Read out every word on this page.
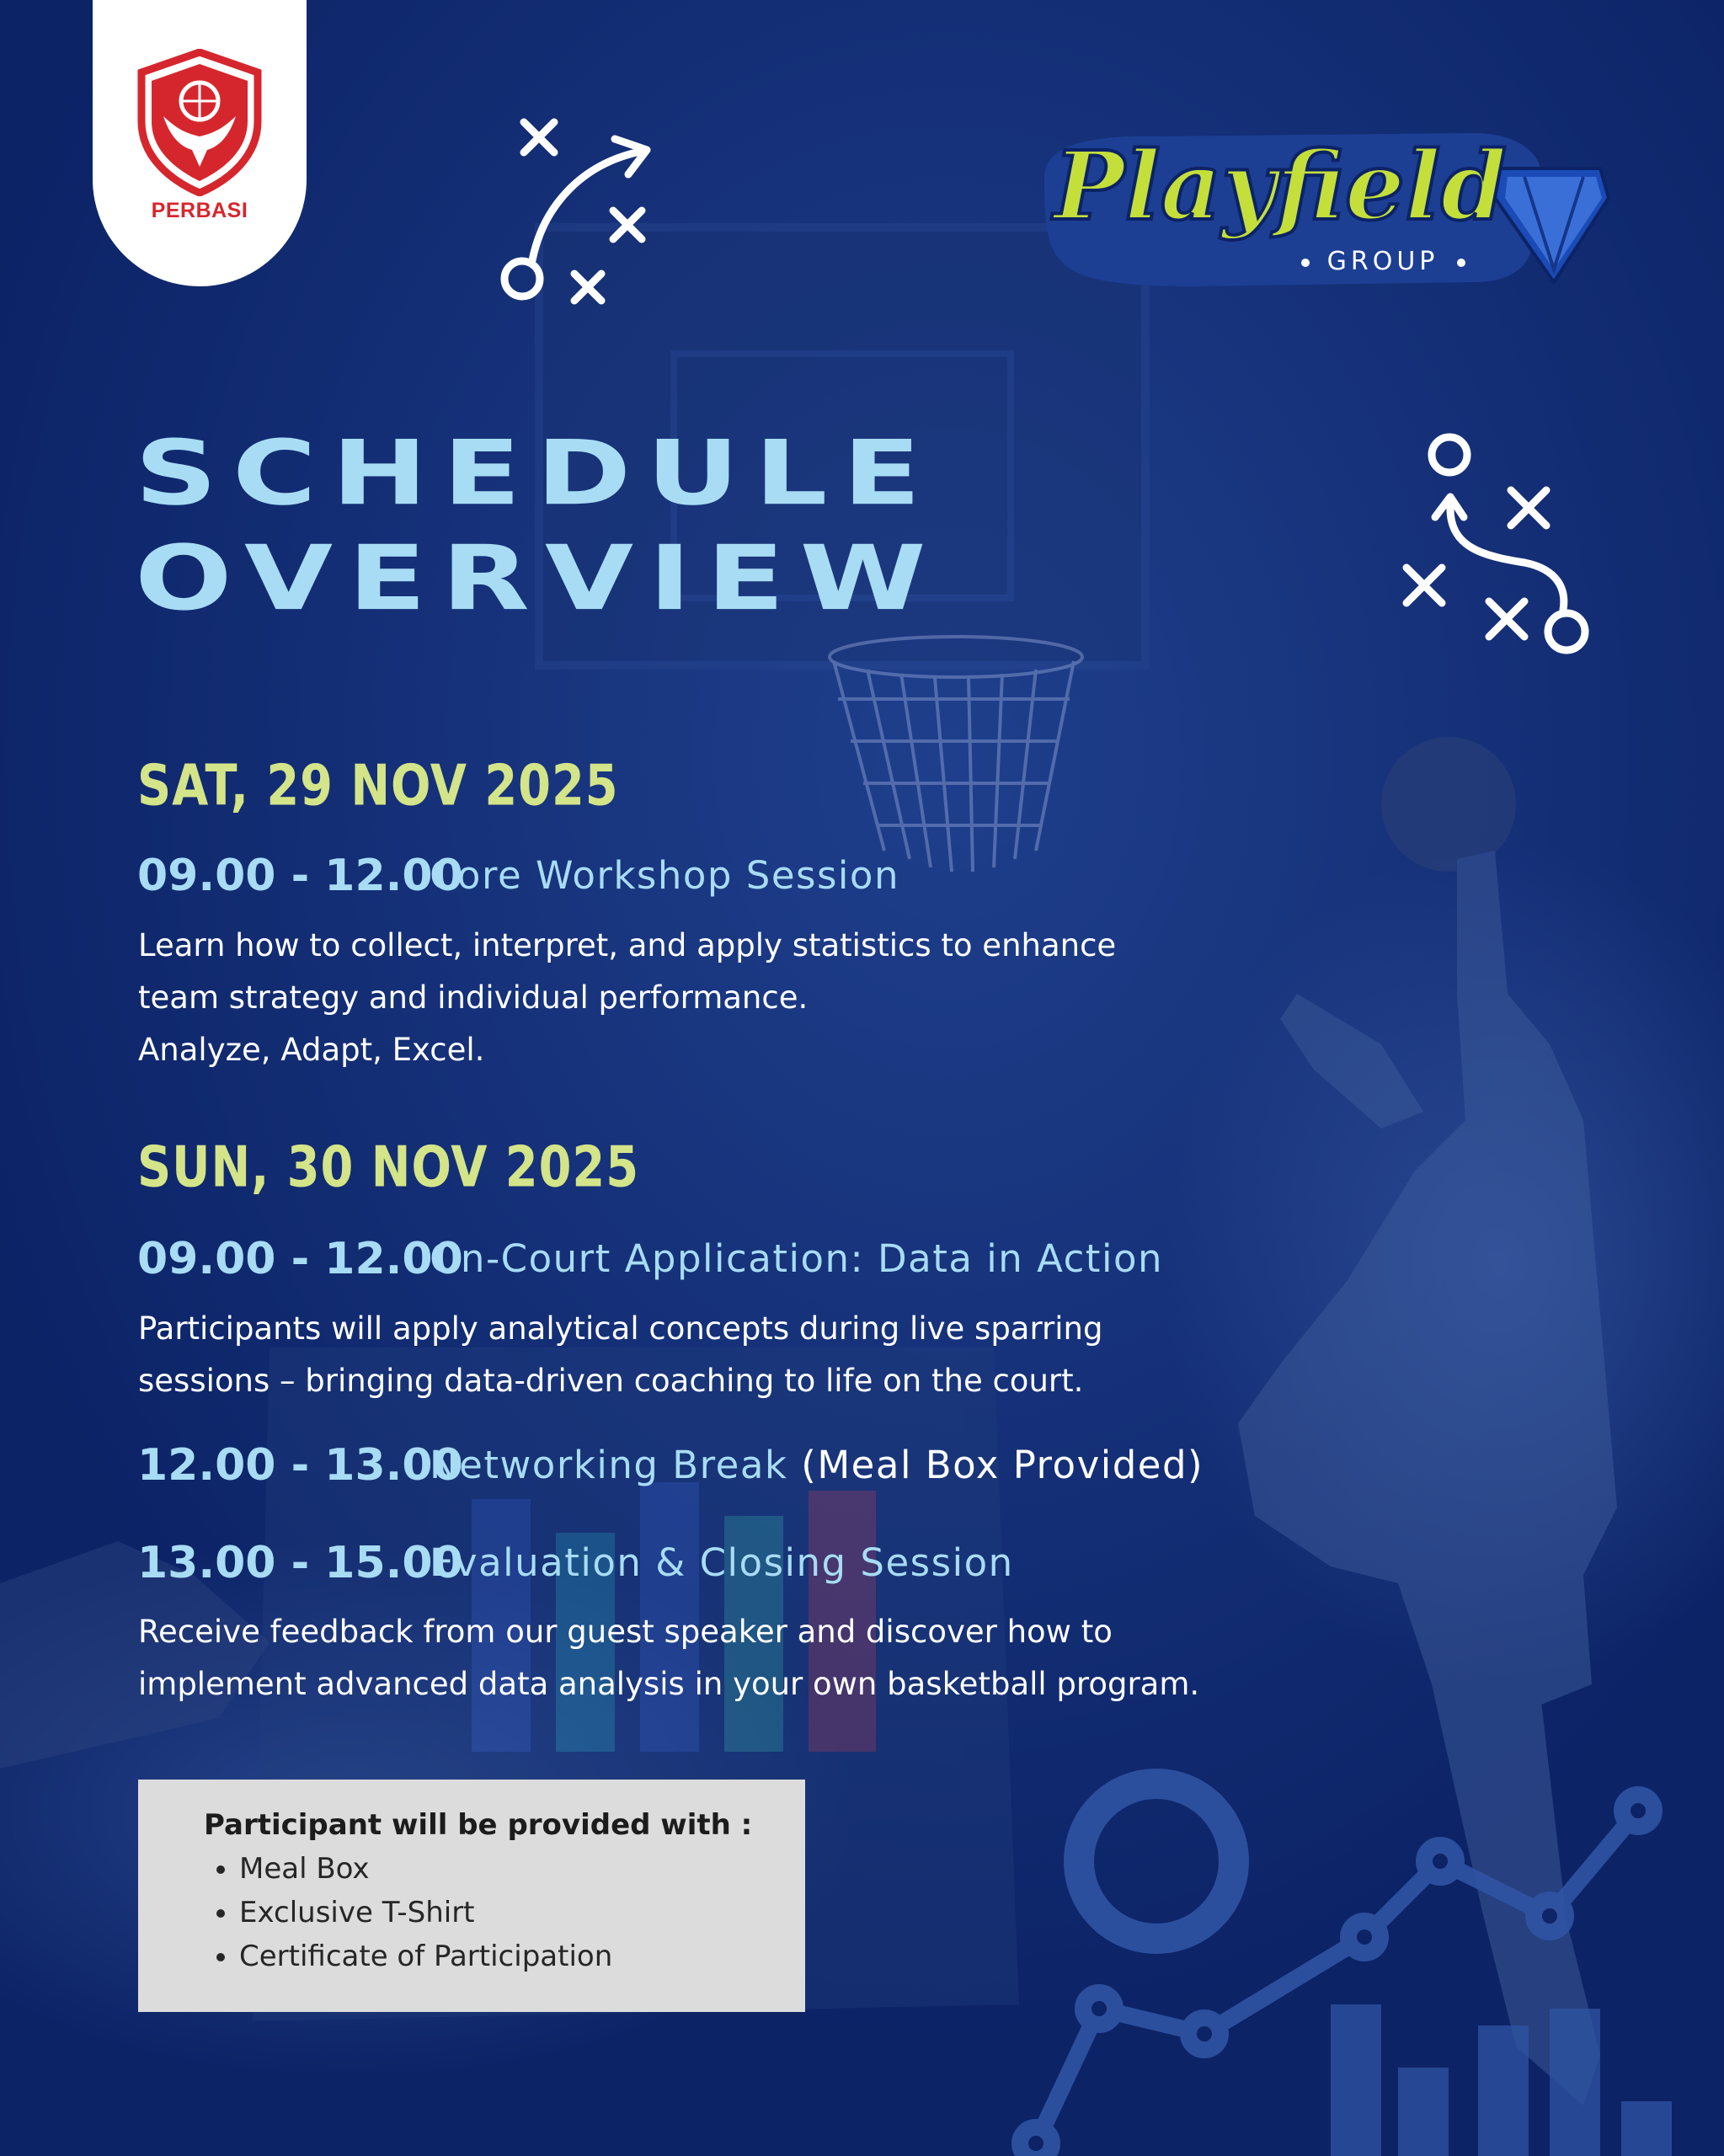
PERBASI	Playfield
GROUP
SCHEDULE
OVERVIEW
SAT, 29 NOV 2025
09.00 - 12.00
Core Workshop Session

Learn how to collect, interpret, and apply statistics to enhance
team strategy and individual performance.
Analyze, Adapt, Excel.

SUN, 30 NOV 2025
09.00 - 12.00
On-Court Application: Data in Action

Participants will apply analytical concepts during live sparring
sessions – bringing data-driven coaching to life on the court.

12.00 - 13.00
Networking Break (Meal Box Provided)
13.00 - 15.00
Evaluation & Closing Session

Receive feedback from our guest speaker and discover how to
implement advanced data analysis in your own basketball program.

Participant will be provided with :

• Meal Box
• Exclusive T-Shirt
• Certificate of Participation
